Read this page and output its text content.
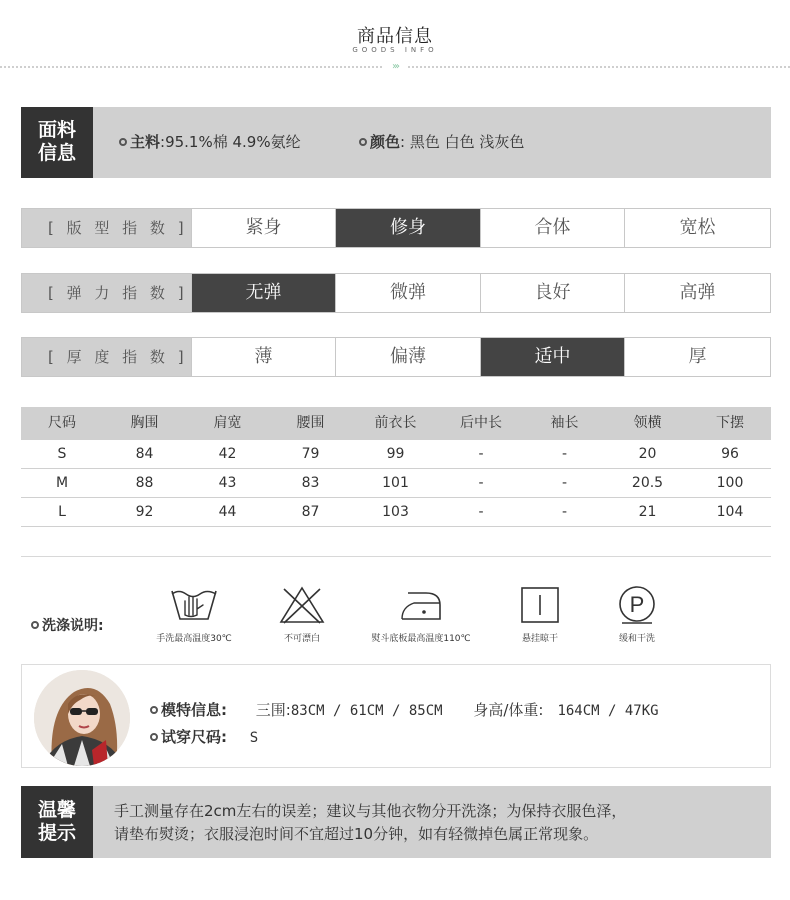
商品信息
GOODS INFO
›››
面料
信息	主料:95.1%棉 4.9%氨纶	颜色: 黑色 白色 浅灰色
[ 版 型 指 数 ]	紧身	修身	合体	宽松
[ 弹 力 指 数 ]	无弹	微弹	良好	高弹
[ 厚 度 指 数 ]	薄	偏薄	适中	厚
尺码	胸围	肩宽	腰围	前衣长	后中长	袖长	领横	下摆
S	84	42	79	99	-	-	20	96
M	88	43	83	101	-	-	20.5	100
L	92	44	87	103	-	-	21	104
洗涤说明:
手洗最高温度30℃	不可漂白	熨斗底板最高温度110℃	悬挂晾干
P
缓和干洗
模特信息: 三围:83CM / 61CM / 85CM 身高/体重: 164CM / 47KG
试穿尺码: S
温馨
提示
手工测量存在2cm左右的误差；建议与其他衣物分开洗涤；为保持衣服色泽，
请垫布熨烫；衣服浸泡时间不宜超过10分钟，如有轻微掉色属正常现象。
